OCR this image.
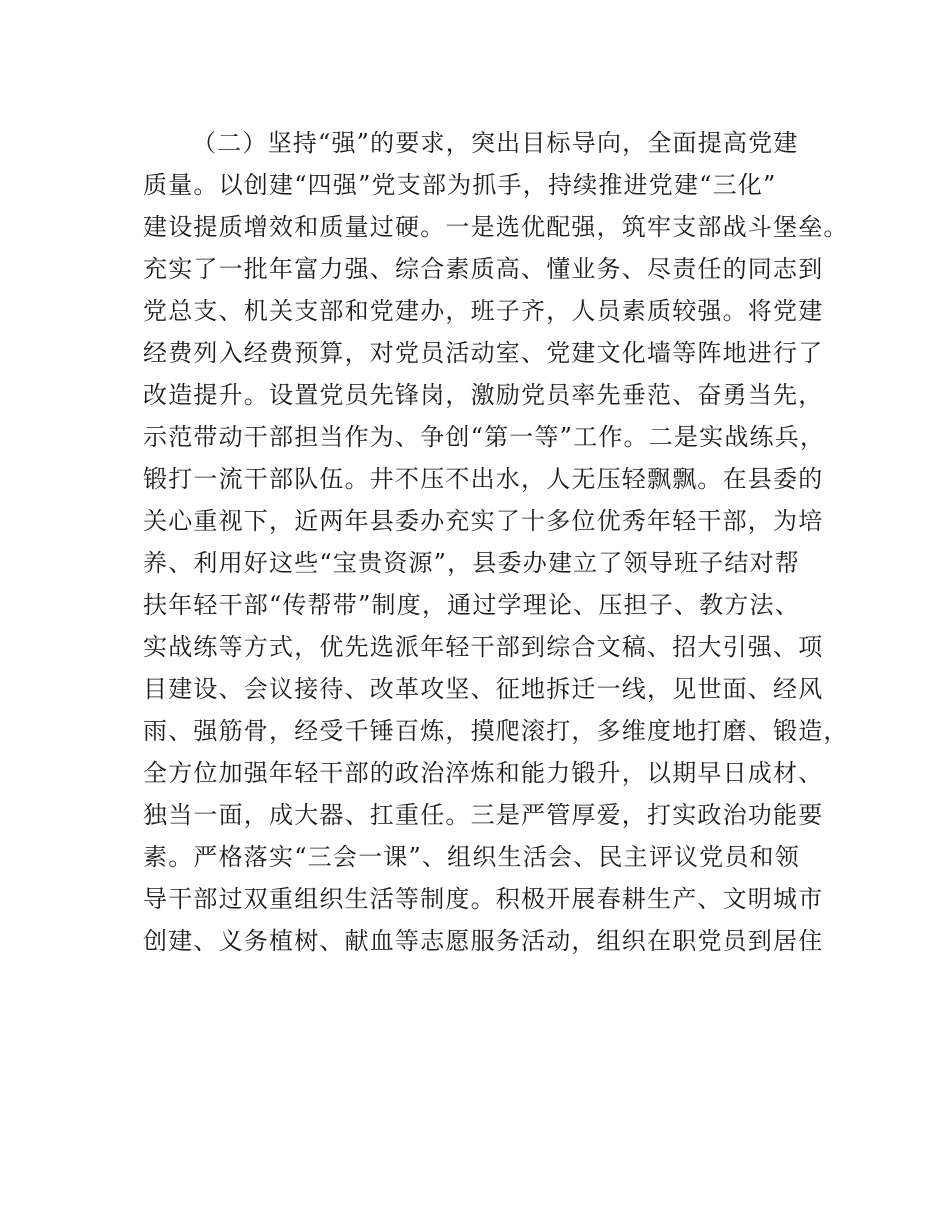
（二）坚持“强”的要求，突出目标导向，全面提高党建
质量。以创建“四强”党支部为抓手，持续推进党建“三化”
建设提质增效和质量过硬。一是选优配强，筑牢支部战斗堡垒。
充实了一批年富力强、综合素质高、懂业务、尽责任的同志到
党总支、机关支部和党建办，班子齐，人员素质较强。将党建
经费列入经费预算，对党员活动室、党建文化墙等阵地进行了
改造提升。设置党员先锋岗，激励党员率先垂范、奋勇当先，
示范带动干部担当作为、争创“第一等”工作。二是实战练兵，
锻打一流干部队伍。井不压不出水，人无压轻飘飘。在县委的
关心重视下，近两年县委办充实了十多位优秀年轻干部，为培
养、利用好这些“宝贵资源”，县委办建立了领导班子结对帮
扶年轻干部“传帮带”制度，通过学理论、压担子、教方法、
实战练等方式，优先选派年轻干部到综合文稿、招大引强、项
目建设、会议接待、改革攻坚、征地拆迁一线，见世面、经风
雨、强筋骨，经受千锤百炼，摸爬滚打，多维度地打磨、锻造，
全方位加强年轻干部的政治淬炼和能力锻升，以期早日成材、
独当一面，成大器、扛重任。三是严管厚爱，打实政治功能要
素。严格落实“三会一课”、组织生活会、民主评议党员和领
导干部过双重组织生活等制度。积极开展春耕生产、文明城市
创建、义务植树、献血等志愿服务活动，组织在职党员到居住
